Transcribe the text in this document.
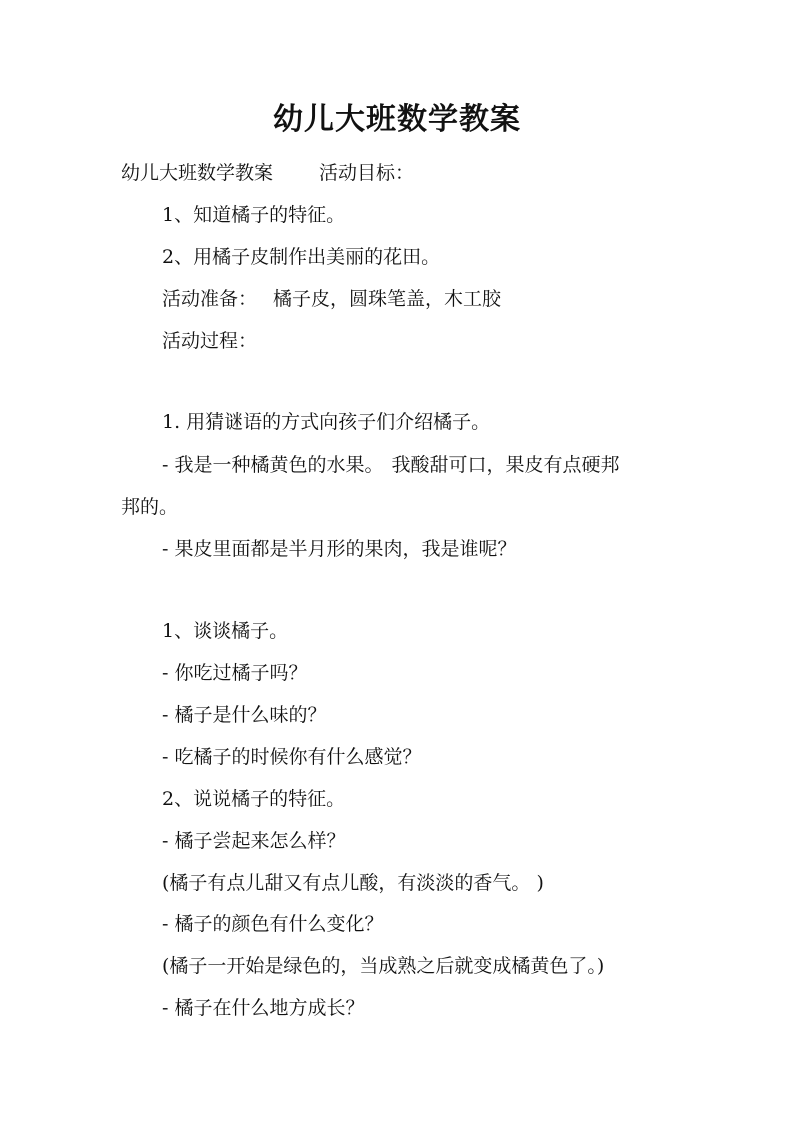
幼儿大班数学教案
幼儿大班数学教案 活动目标：
1、知道橘子的特征。
2、用橘子皮制作出美丽的花田。
活动准备： 橘子皮，圆珠笔盖，木工胶
活动过程：
1. 用猜谜语的方式向孩子们介绍橘子。
- 我是一种橘黄色的水果。 我酸甜可口，果皮有点硬邦
邦的。
- 果皮里面都是半月形的果肉，我是谁呢？
1、谈谈橘子。
- 你吃过橘子吗？
- 橘子是什么味的？
- 吃橘子的时候你有什么感觉？
2、说说橘子的特征。
- 橘子尝起来怎么样？
(橘子有点儿甜又有点儿酸，有淡淡的香气。 )
- 橘子的颜色有什么变化？
(橘子一开始是绿色的，当成熟之后就变成橘黄色了。)
- 橘子在什么地方成长？
